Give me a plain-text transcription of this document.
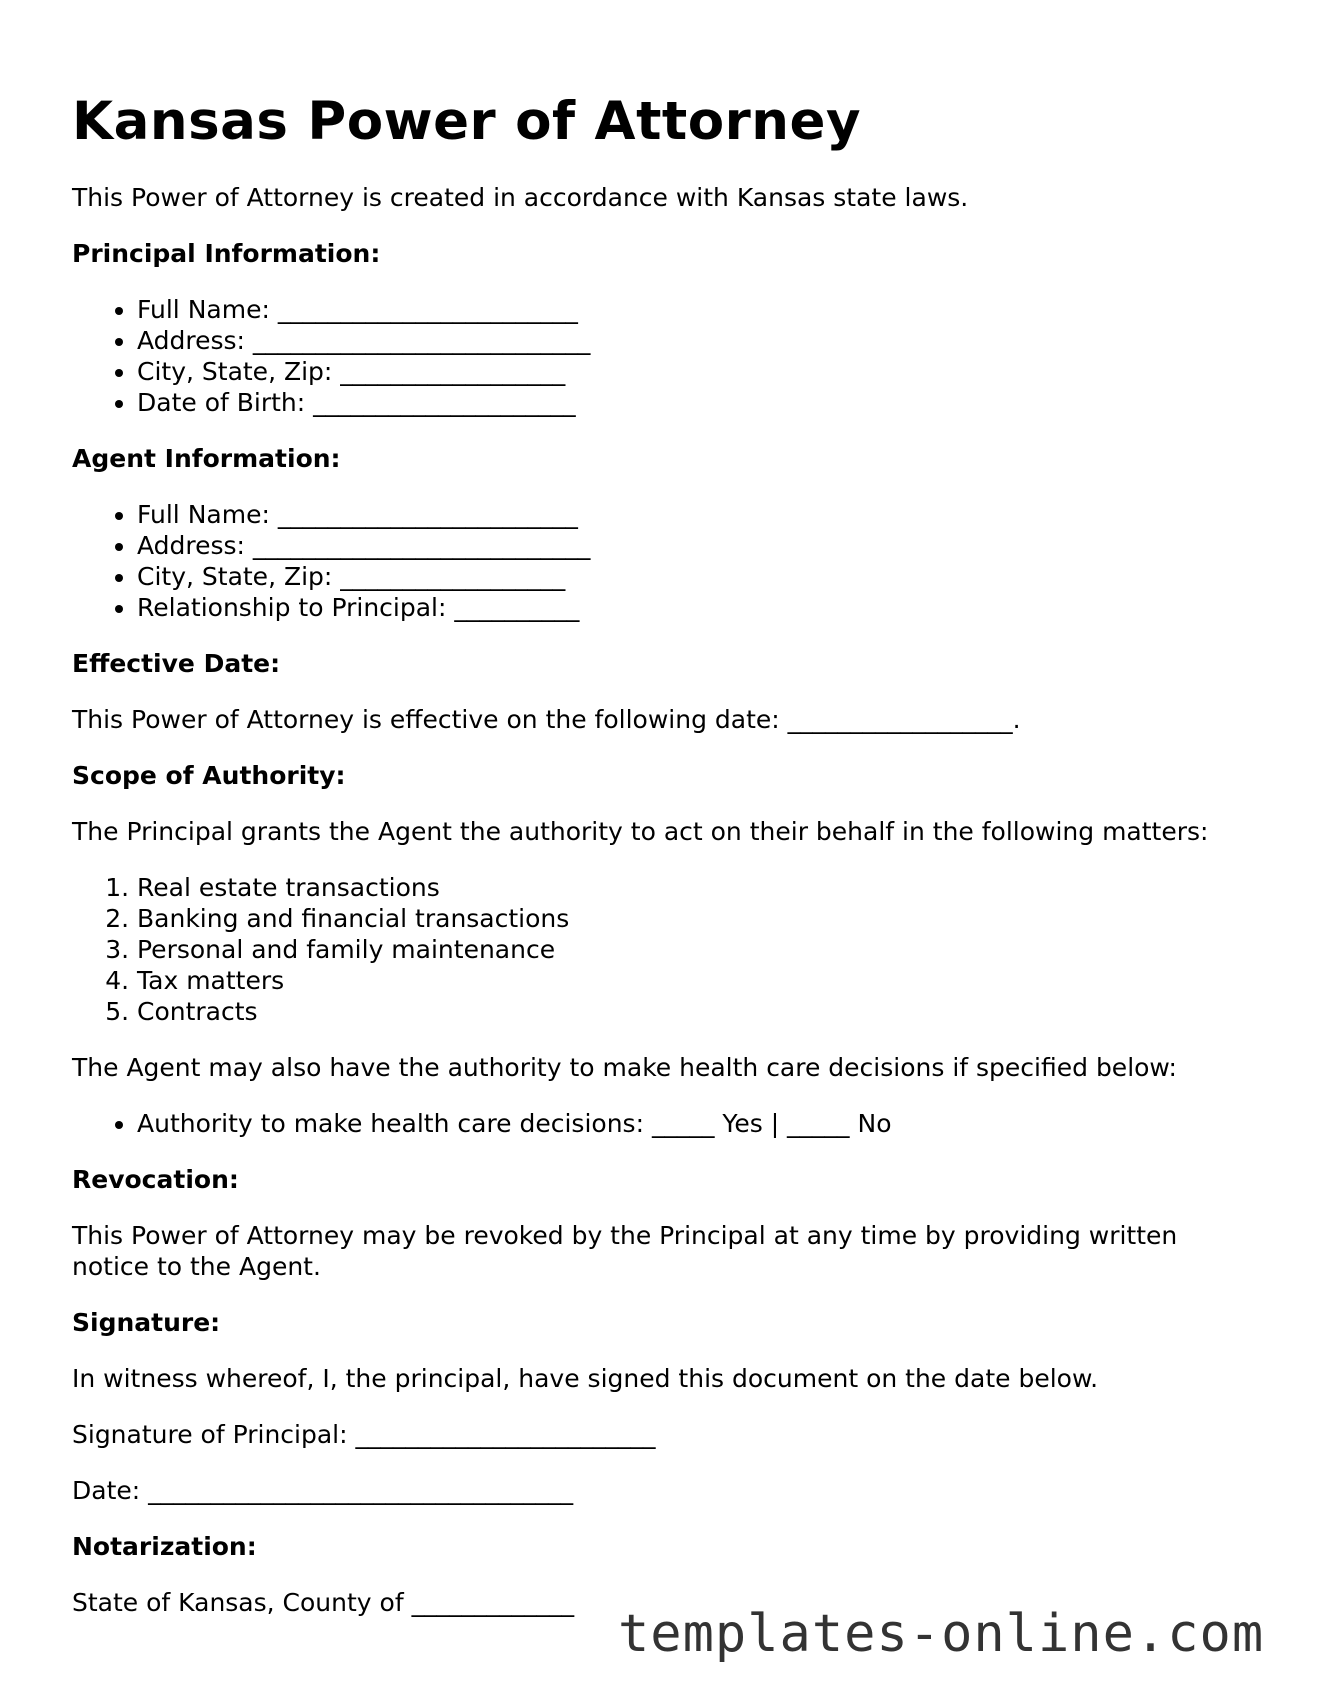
Kansas Power of Attorney

This Power of Attorney is created in accordance with Kansas state laws.

Principal Information:
• Full Name: ________________________
• Address: ___________________________
• City, State, Zip: __________________
• Date of Birth: _____________________
Agent Information:
• Full Name: ________________________
• Address: ___________________________
• City, State, Zip: __________________
• Relationship to Principal: __________
Effective Date:

This Power of Attorney is effective on the following date: __________________.

Scope of Authority:

The Principal grants the Agent the authority to act on their behalf in the following matters:

1. Real estate transactions
2. Banking and financial transactions
3. Personal and family maintenance
4. Tax matters
5. Contracts

The Agent may also have the authority to make health care decisions if specified below:

• Authority to make health care decisions: _____ Yes | _____ No
Revocation:

This Power of Attorney may be revoked by the Principal at any time by providing written notice to the Agent.

Signature:

In witness whereof, I, the principal, have signed this document on the date below.

Signature of Principal: ________________________

Date: __________________________________

Notarization:

State of Kansas, County of _____________

templates-online.com
